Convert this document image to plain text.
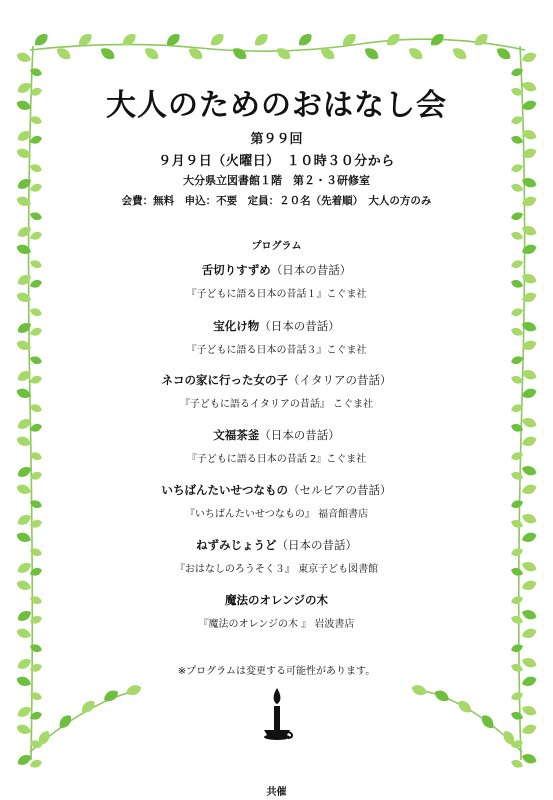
大人のためのおはなし会
第９９回
９月９日（火曜日）　１０時３０分から
大分県立図書館１階　第２・３研修室
会費：無料　申込：不要　定員：２０名（先着順）　大人の方のみ
プログラム
舌切りすずめ（日本の昔話）
『子どもに語る日本の昔話１』こぐま社
宝化け物（日本の昔話）
『子どもに語る日本の昔話３』こぐま社
ネコの家に行った女の子（イタリアの昔話）
『子どもに語るイタリアの昔話』 こぐま社
文福茶釜（日本の昔話）
『子どもに語る日本の昔話 2』こぐま社
いちばんたいせつなもの（セルビアの昔話）
『いちばんたいせつなもの』 福音館書店
ねずみじょうど（日本の昔話）
『おはなしのろうそく３』 東京子ども図書館
魔法のオレンジの木
『魔法のオレンジの木 』 岩波書店
※プログラムは変更する可能性があります。
共催
